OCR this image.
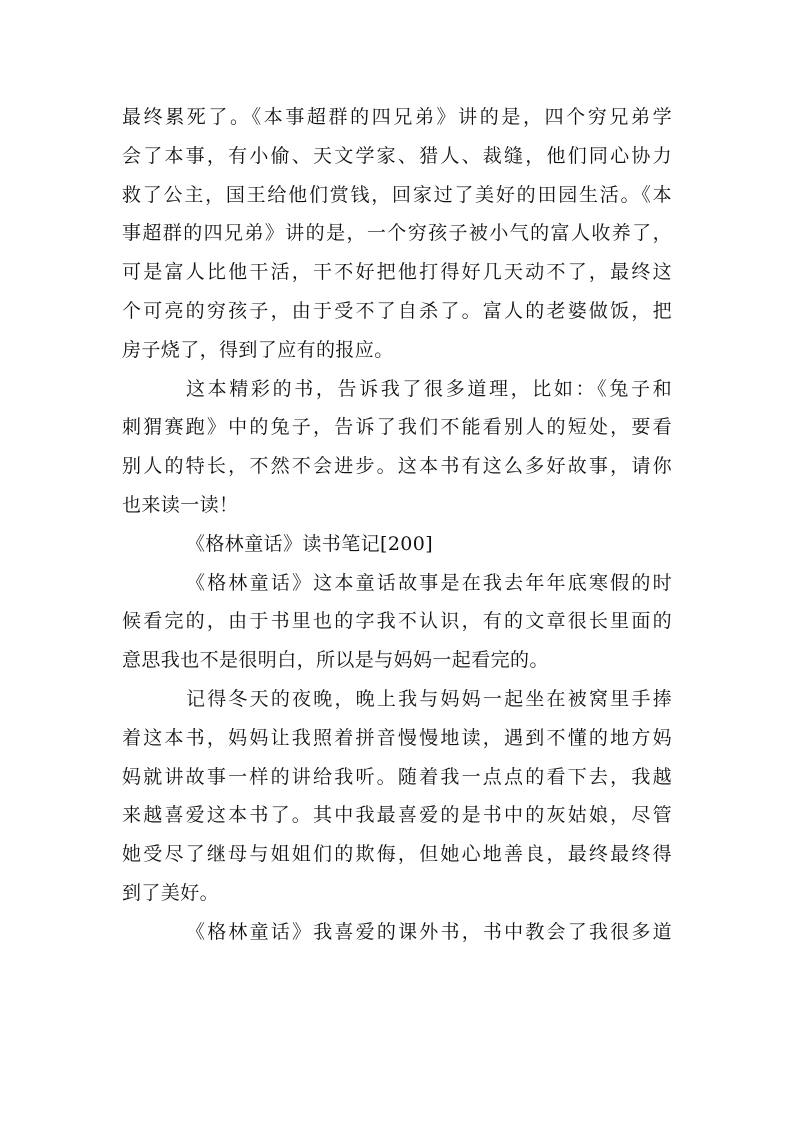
最终累死了。《本事超群的四兄弟》讲的是，四个穷兄弟学
会了本事，有小偷、天文学家、猎人、裁缝，他们同心协力
救了公主，国王给他们赏钱，回家过了美好的田园生活。《本
事超群的四兄弟》讲的是，一个穷孩子被小气的富人收养了，
可是富人比他干活，干不好把他打得好几天动不了，最终这
个可亮的穷孩子，由于受不了自杀了。富人的老婆做饭，把
房子烧了，得到了应有的报应。
这本精彩的书，告诉我了很多道理，比如：《兔子和
刺猬赛跑》中的兔子，告诉了我们不能看别人的短处，要看
别人的特长，不然不会进步。这本书有这么多好故事，请你
也来读一读！
《格林童话》读书笔记[200]
《格林童话》这本童话故事是在我去年年底寒假的时
候看完的，由于书里也的字我不认识，有的文章很长里面的
意思我也不是很明白，所以是与妈妈一起看完的。
记得冬天的夜晚，晚上我与妈妈一起坐在被窝里手捧
着这本书，妈妈让我照着拼音慢慢地读，遇到不懂的地方妈
妈就讲故事一样的讲给我听。随着我一点点的看下去，我越
来越喜爱这本书了。其中我最喜爱的是书中的灰姑娘，尽管
她受尽了继母与姐姐们的欺侮，但她心地善良，最终最终得
到了美好。
《格林童话》我喜爱的课外书，书中教会了我很多道
